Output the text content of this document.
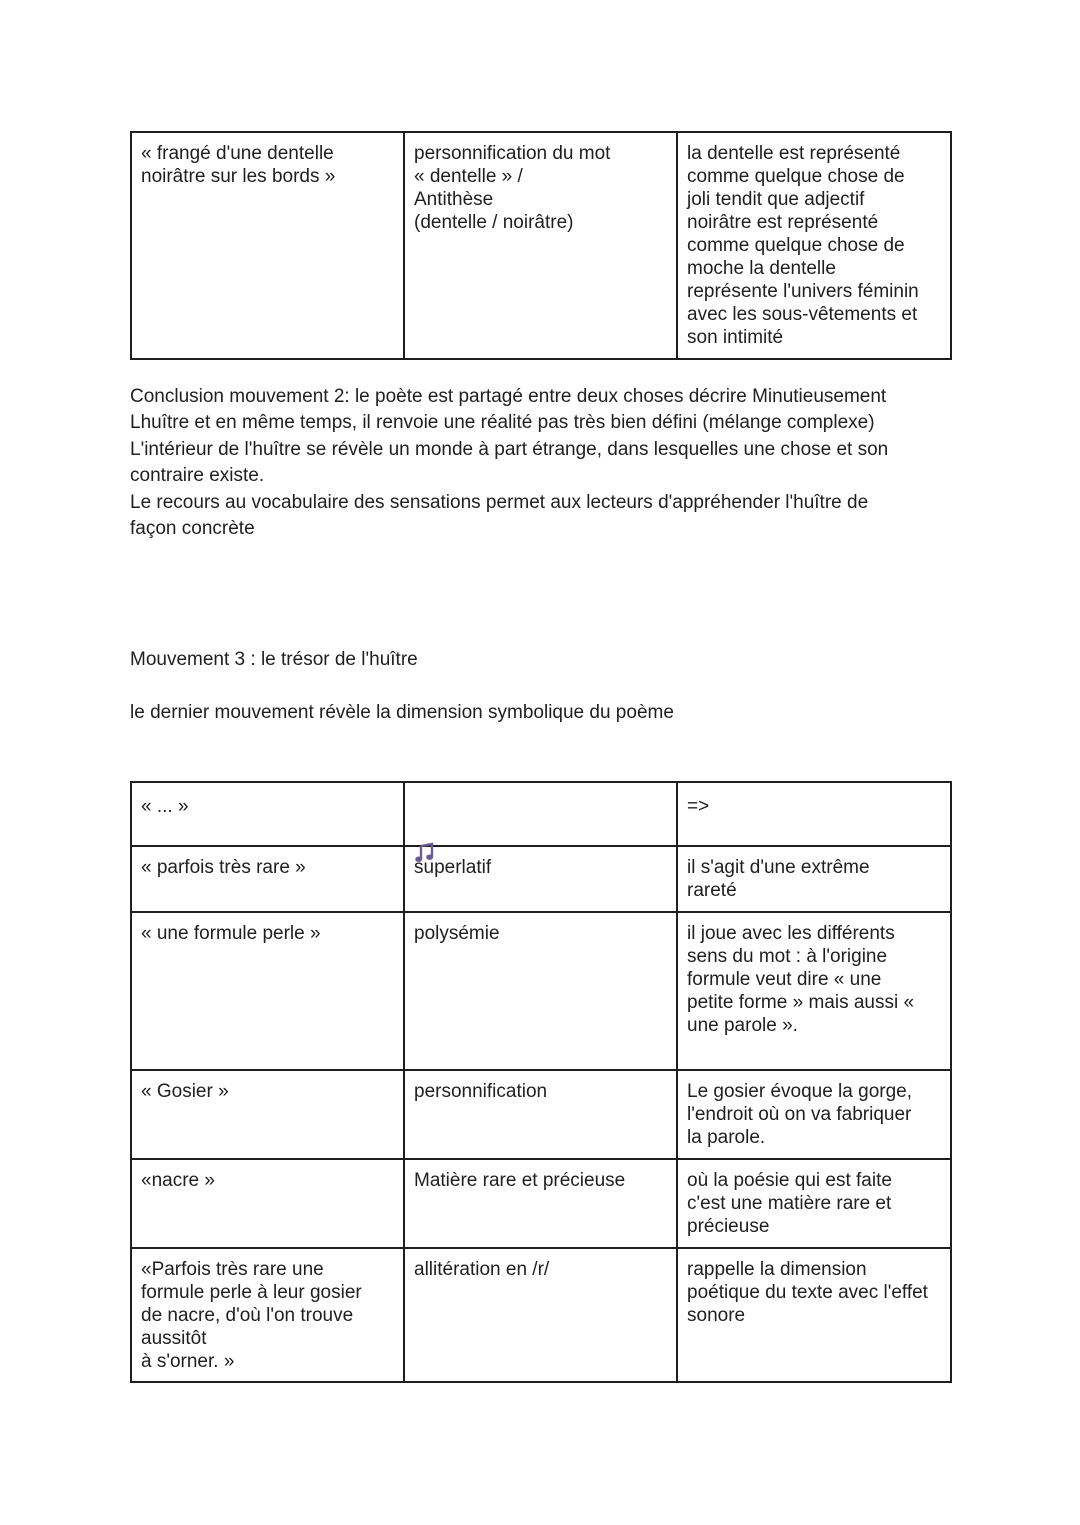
« frangé d'une dentelle
noirâtre sur les bords »	personnification du mot
« dentelle » /
Antithèse
(dentelle / noirâtre)	la dentelle est représenté
comme quelque chose de
joli tendit que adjectif
noirâtre est représenté
comme quelque chose de
moche la dentelle
représente l'univers féminin
avec les sous-vêtements et
son intimité

Conclusion mouvement 2: le poète est partagé entre deux choses décrire Minutieusement
Lhuître et en même temps, il renvoie une réalité pas très bien défini (mélange complexe)
L'intérieur de l'huître se révèle un monde à part étrange, dans lesquelles une chose et son
contraire existe.
Le recours au vocabulaire des sensations permet aux lecteurs d'appréhender l'huître de
façon concrète

Mouvement 3 : le trésor de l'huître

le dernier mouvement révèle la dimension symbolique du poème

« ... »		=>
« parfois très rare »	superlatif	il s'agit d'une extrême
rareté
« une formule perle »	polysémie	il joue avec les différents
sens du mot : à l'origine
formule veut dire « une
petite forme » mais aussi «
une parole ».
« Gosier »	personnification	Le gosier évoque la gorge,
l'endroit où on va fabriquer
la parole.
«nacre »	Matière rare et précieuse	où la poésie qui est faite
c'est une matière rare et
précieuse
«Parfois très rare une
formule perle à leur gosier
de nacre, d'où l'on trouve
aussitôt
à s'orner. »	allitération en /r/	rappelle la dimension
poétique du texte avec l'effet
sonore
